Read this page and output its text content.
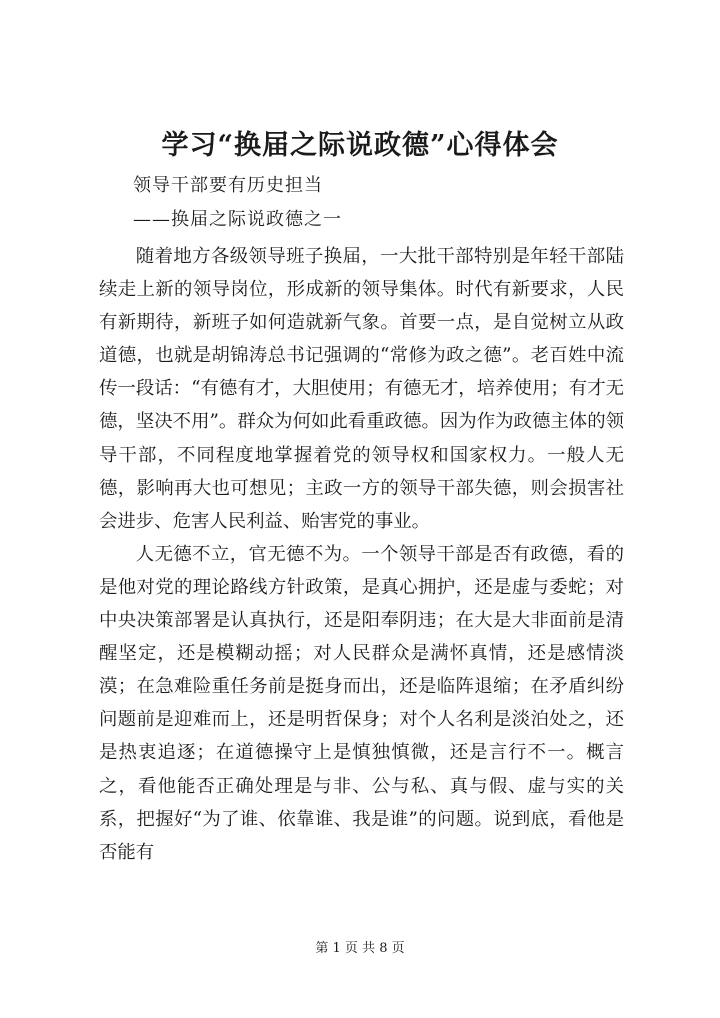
学习“换届之际说政德”心得体会
领导干部要有历史担当
——换届之际说政德之一

随着地方各级领导班子换届，一大批干部特别是年轻干部陆续走上新的领导岗位，形成新的领导集体。时代有新要求，人民有新期待，新班子如何造就新气象。首要一点，是自觉树立从政道德，也就是胡锦涛总书记强调的“常修为政之德”。老百姓中流传一段话：“有德有才，大胆使用；有德无才，培养使用；有才无德，坚决不用”。群众为何如此看重政德。因为作为政德主体的领导干部，不同程度地掌握着党的领导权和国家权力。一般人无德，影响再大也可想见；主政一方的领导干部失德，则会损害社会进步、危害人民利益、贻害党的事业。

人无德不立，官无德不为。一个领导干部是否有政德，看的是他对党的理论路线方针政策，是真心拥护，还是虚与委蛇；对中央决策部署是认真执行，还是阳奉阴违；在大是大非面前是清醒坚定，还是模糊动摇；对人民群众是满怀真情，还是感情淡漠；在急难险重任务前是挺身而出，还是临阵退缩；在矛盾纠纷问题前是迎难而上，还是明哲保身；对个人名利是淡泊处之，还是热衷追逐；在道德操守上是慎独慎微，还是言行不一。概言之，看他能否正确处理是与非、公与私、真与假、虚与实的关系，把握好“为了谁、依靠谁、我是谁”的问题。说到底，看他是否能有

第 1 页 共 8 页
